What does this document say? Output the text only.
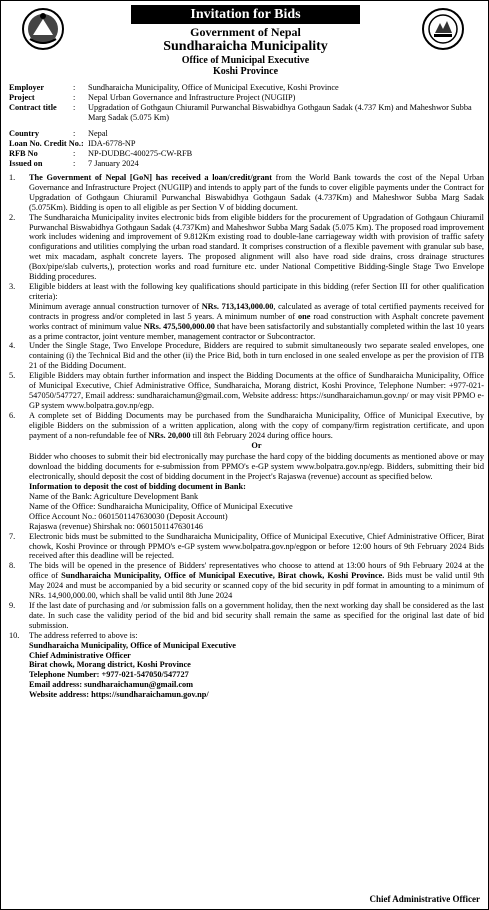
Invitation for Bids
Government of Nepal
Sundharaicha Municipality
Office of Municipal Executive
Koshi Province
Employer	: Sundharaicha Municipality, Office of Municipal Executive, Koshi Province
Project	: Nepal Urban Governance and Infrastructure Project (NUGIIP)
Contract title : Upgradation of Gothgaun Chiuramil Purwanchal Biswabidhya Gothgaun Sadak (4.737 Km) and Maheshwor Subba Marg Sadak (5.075 Km)
Country	: Nepal
Loan No. Credit No.: IDA-6778-NP
RFB No	: NP-DUDBC-400275-CW-RFB
Issued on	: 7 January 2024
1. The Government of Nepal [GoN] has received a loan/credit/grant from the World Bank towards the cost of the Nepal Urban Governance and Infrastructure Project (NUGIIP) and intends to apply part of the funds to cover eligible payments under the Contract for Upgradation of Gothgaun Chiuramil Purwanchal Biswabidhya Gothgaun Sadak (4.737Km) and Maheshwor Subba Marg Sadak (5.075Km). Bidding is open to all eligible as per Section V of bidding document.
2. The Sundharaicha Municipality invites electronic bids from eligible bidders for the procurement of Upgradation of Gothgaun Chiuramil Purwanchal Biswabidhya Gothgaun Sadak (4.737Km) and Maheshwor Subba Marg Sadak (5.075 Km). The proposed road improvement work includes widening and improvement of 9.812Km existing road to double-lane carriageway width with provision of traffic safety configurations and utilities complying the urban road standard. It comprises construction of a flexible pavement with granular sub base, wet mix macadam, asphalt concrete layers. The proposed alignment will also have road side drains, cross drainage structures (Box/pipe/slab culverts,), protection works and road furniture etc. under National Competitive Bidding-Single Stage Two Envelope Bidding procedures.
3. Eligible bidders at least with the following key qualifications should participate in this bidding (refer Section III for other qualification criteria):
Minimum average annual construction turnover of NRs. 713,143,000.00, calculated as average of total certified payments received for contracts in progress and/or completed in last 5 years. A minimum number of one road construction with Asphalt concrete pavement works contract of minimum value NRs. 475,500,000.00 that have been satisfactorily and substantially completed within the last 10 years as a prime contractor, joint venture member, management contractor or Subcontractor.
4. Under the Single Stage, Two Envelope Procedure, Bidders are required to submit simultaneously two separate sealed envelopes, one containing (i) the Technical Bid and the other (ii) the Price Bid, both in turn enclosed in one sealed envelope as per the provision of ITB 21 of the Bidding Document.
5. Eligible Bidders may obtain further information and inspect the Bidding Documents at the office of Sundharaicha Municipality, Office of Municipal Executive, Chief Administrative Office, Sundharaicha, Morang district, Koshi Province, Telephone Number: +977-021-547050/547727, Email address: sundharaichamun@gmail.com, Website address: https://sundharaichamun.gov.np/ or may visit PPMO e-GP system www.bolpatra.gov.np/egp.
6. A complete set of Bidding Documents may be purchased from the Sundharaicha Municipality, Office of Municipal Executive, by eligible Bidders on the submission of a written application, along with the copy of company/firm registration certificate, and upon payment of a non-refundable fee of NRs. 20,000 till 8th February 2024 during office hours.
Or
Bidder who chooses to submit their bid electronically may purchase the hard copy of the bidding documents as mentioned above or may download the bidding documents for e-submission from PPMO's e-GP system www.bolpatra.gov.np/egp. Bidders, submitting their bid electronically, should deposit the cost of bidding document in the Project's Rajaswa (revenue) account as specified below.
Information to deposit the cost of bidding document in Bank:
Name of the Bank: Agriculture Development Bank
Name of the Office: Sundharaicha Municipality, Office of Municipal Executive
Office Account No.: 0601501147630030 (Deposit Account)
Rajaswa (revenue) Shirshak no: 0601501147630146
7. Electronic bids must be submitted to the Sundharaicha Municipality, Office of Municipal Executive, Chief Administrative Officer, Birat chowk, Koshi Province or through PPMO's e-GP system www.bolpatra.gov.np/egpon or before 12:00 hours of 9th February 2024 Bids received after this deadline will be rejected.
8. The bids will be opened in the presence of Bidders' representatives who choose to attend at 13:00 hours of 9th February 2024 at the office of Sundharaicha Municipality, Office of Municipal Executive, Birat chowk, Koshi Province. Bids must be valid until 9th May 2024 and must be accompanied by a bid security or scanned copy of the bid security in pdf format in amounting to a minimum of NRs. 14,900,000.00, which shall be valid until 8th June 2024
9. If the last date of purchasing and /or submission falls on a government holiday, then the next working day shall be considered as the last date. In such case the validity period of the bid and bid security shall remain the same as specified for the original last date of bid submission.
10. The address referred to above is:
Sundharaicha Municipality, Office of Municipal Executive
Chief Administrative Officer
Birat chowk, Morang district, Koshi Province
Telephone Number: +977-021-547050/547727
Email address: sundharaichamun@gmail.com
Website address: https://sundharaichamun.gov.np/
Chief Administrative Officer
